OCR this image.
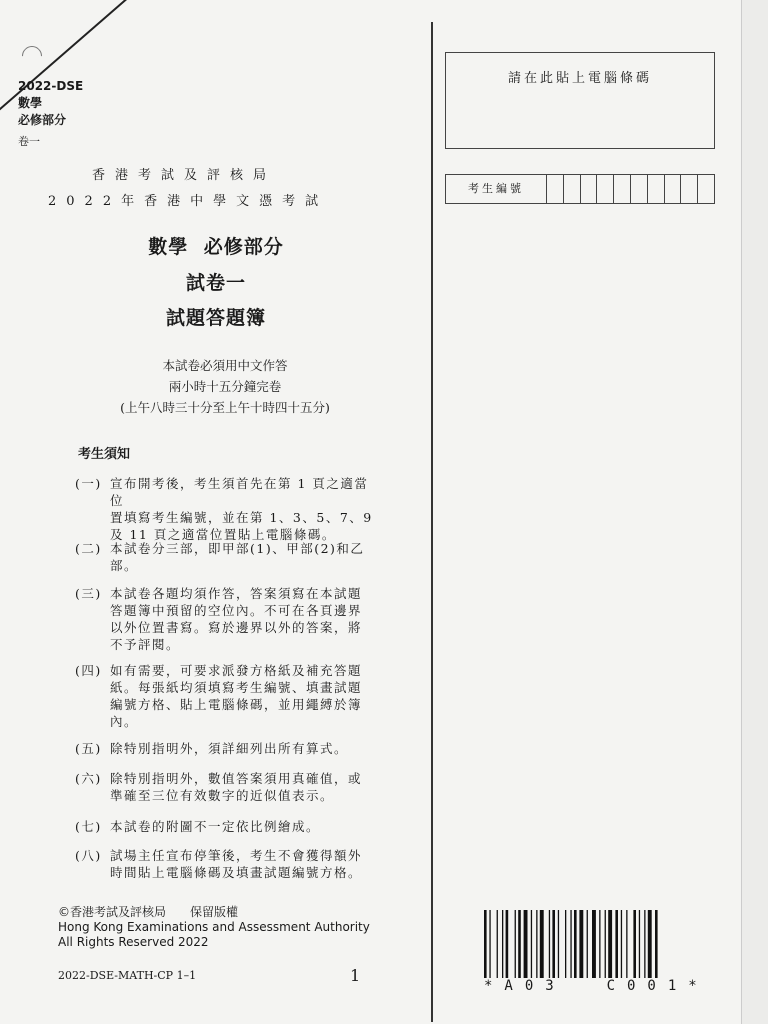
2022-DSE
數學
必修部分
卷一
香港考試及評核局
2022年香港中學文憑考試
數學 必修部分
試卷一
試題答題簿
本試卷必須用中文作答
兩小時十五分鐘完卷
(上午八時三十分至上午十時四十五分)
考生須知
(一) 宣布開考後，考生須首先在第 1 頁之適當位
置填寫考生編號，並在第 1、3、5、7、9
及 11 頁之適當位置貼上電腦條碼。
(二) 本試卷分三部，即甲部(1)、甲部(2)和乙
部。
(三) 本試卷各題均須作答，答案須寫在本試題
答題簿中預留的空位內。不可在各頁邊界
以外位置書寫。寫於邊界以外的答案，將
不予評閱。
(四) 如有需要，可要求派發方格紙及補充答題
紙。每張紙均須填寫考生編號、填畫試題
編號方格、貼上電腦條碼，並用繩縛於簿
內。
(五) 除特別指明外，須詳細列出所有算式。
(六) 除特別指明外，數值答案須用真確值，或
準確至三位有效數字的近似值表示。
(七) 本試卷的附圖不一定依比例繪成。
(八) 試場主任宣布停筆後，考生不會獲得額外
時間貼上電腦條碼及填畫試題編號方格。
©香港考試及評核局　　保留版權
Hong Kong Examinations and Assessment Authority
All Rights Reserved 2022
2022-DSE-MATH-CP 1–1	1
請在此貼上電腦條碼
考生編號
*A03  C001*
